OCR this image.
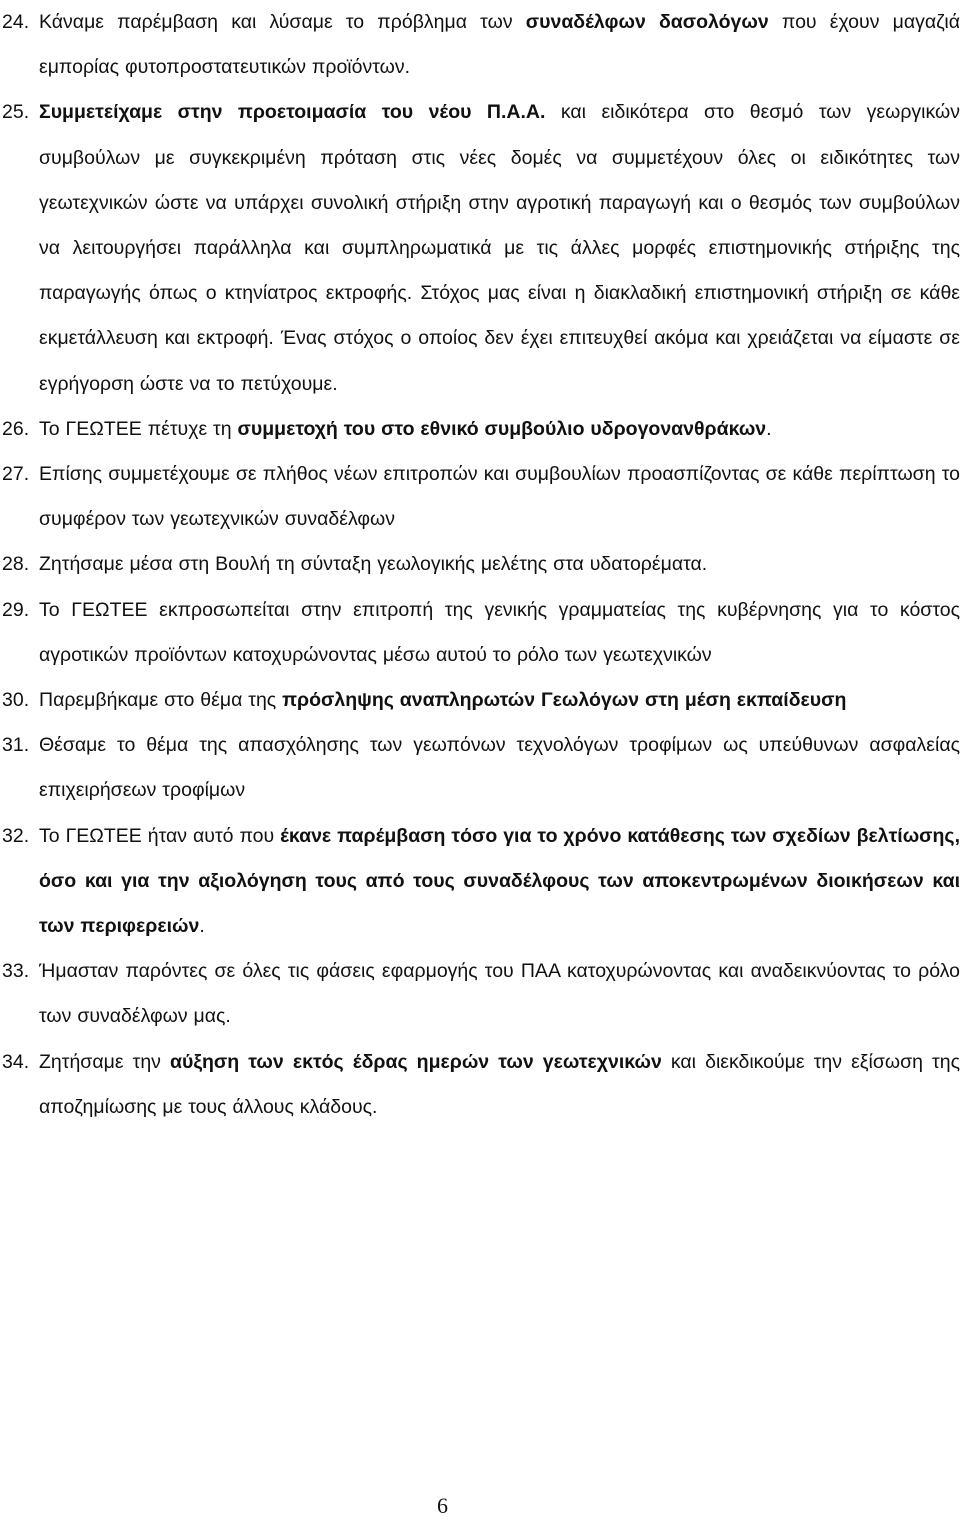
24. Κάναμε παρέμβαση και λύσαμε το πρόβλημα των συναδέλφων δασολόγων που έχουν μαγαζιά εμπορίας φυτοπροστατευτικών προϊόντων.

25. Συμμετείχαμε στην προετοιμασία του νέου Π.Α.Α. και ειδικότερα στο θεσμό των γεωργικών συμβούλων με συγκεκριμένη πρόταση στις νέες δομές να συμμετέχουν όλες οι ειδικότητες των γεωτεχνικών ώστε να υπάρχει συνολική στήριξη στην αγροτική παραγωγή και ο θεσμός των συμβούλων να λειτουργήσει παράλληλα και συμπληρωματικά με τις άλλες μορφές επιστημονικής στήριξης της παραγωγής όπως ο κτηνίατρος εκτροφής. Στόχος μας είναι η διακλαδική επιστημονική στήριξη σε κάθε εκμετάλλευση και εκτροφή. Ένας στόχος ο οποίος δεν έχει επιτευχθεί ακόμα και χρειάζεται να είμαστε σε εγρήγορση ώστε να το πετύχουμε.

26. Το ΓΕΩΤΕΕ πέτυχε τη συμμετοχή του στο εθνικό συμβούλιο υδρογονανθράκων.

27. Επίσης συμμετέχουμε σε πλήθος νέων επιτροπών και συμβουλίων προασπίζοντας σε κάθε περίπτωση το συμφέρον των γεωτεχνικών συναδέλφων

28. Ζητήσαμε μέσα στη Βουλή τη σύνταξη γεωλογικής μελέτης στα υδατορέματα.

29. Το ΓΕΩΤΕΕ εκπροσωπείται στην επιτροπή της γενικής γραμματείας της κυβέρνησης για το κόστος αγροτικών προϊόντων κατοχυρώνοντας μέσω αυτού το ρόλο των γεωτεχνικών

30. Παρεμβήκαμε στο θέμα της πρόσληψης αναπληρωτών Γεωλόγων στη μέση εκπαίδευση

31. Θέσαμε το θέμα της απασχόλησης των γεωπόνων τεχνολόγων τροφίμων ως υπεύθυνων ασφαλείας επιχειρήσεων τροφίμων

32. Το ΓΕΩΤΕΕ ήταν αυτό που έκανε παρέμβαση τόσο για το χρόνο κατάθεσης των σχεδίων βελτίωσης, όσο και για την αξιολόγηση τους από τους συναδέλφους των αποκεντρωμένων διοικήσεων και των περιφερειών.

33. Ήμασταν παρόντες σε όλες τις φάσεις εφαρμογής του ΠΑΑ κατοχυρώνοντας και αναδεικνύοντας το ρόλο των συναδέλφων μας.

34. Ζητήσαμε την αύξηση των εκτός έδρας ημερών των γεωτεχνικών και διεκδικούμε την εξίσωση της αποζημίωσης με τους άλλους κλάδους.

6
